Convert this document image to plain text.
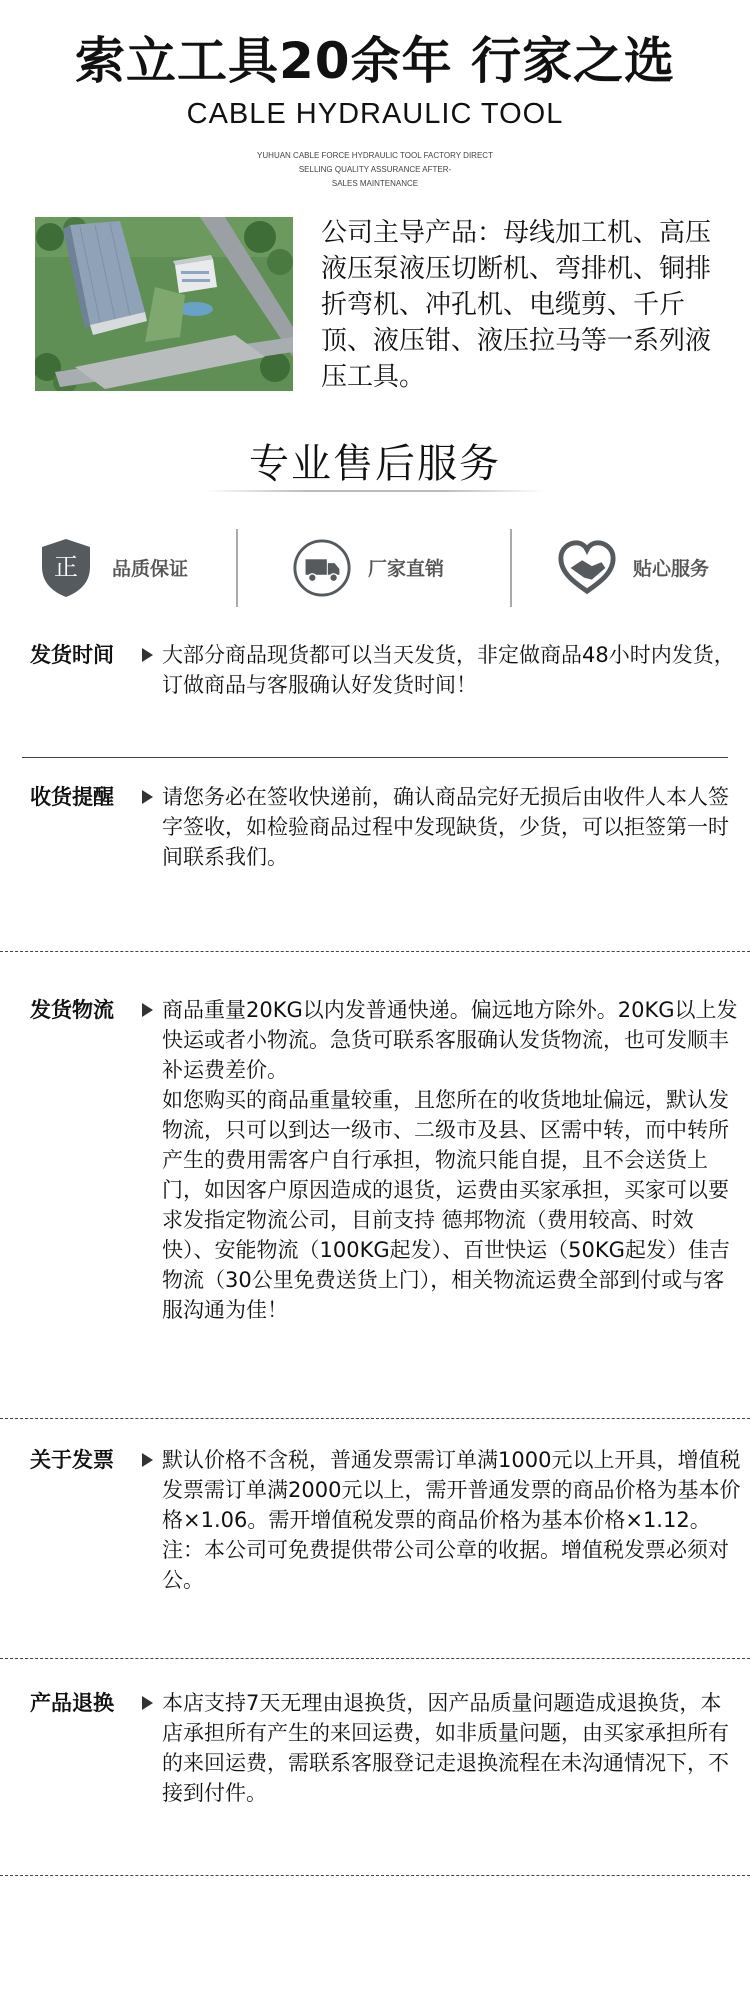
索立工具20余年 行家之选
CABLE HYDRAULIC TOOL
YUHUAN CABLE FORCE HYDRAULIC TOOL FACTORY DIRECT
SELLING QUALITY ASSURANCE AFTER-
SALES MAINTENANCE
公司主导产品：母线加工机、高压液压泵液压切断机、弯排机、铜排折弯机、冲孔机、电缆剪、千斤顶、液压钳、液压拉马等一系列液压工具。
专业售后服务
正 品质保证	厂家直销	贴心服务
发货时间 大部分商品现货都可以当天发货，非定做商品48小时内发货，订做商品与客服确认好发货时间！

收货提醒 请您务必在签收快递前，确认商品完好无损后由收件人本人签字签收，如检验商品过程中发现缺货，少货，可以拒签第一时间联系我们。

发货物流 商品重量20KG以内发普通快递。偏远地方除外。20KG以上发快运或者小物流。急货可联系客服确认发货物流，也可发顺丰补运费差价。

如您购买的商品重量较重，且您所在的收货地址偏远，默认发物流，只可以到达一级市、二级市及县、区需中转，而中转所产生的费用需客户自行承担，物流只能自提，且不会送货上门，如因客户原因造成的退货，运费由买家承担，买家可以要求发指定物流公司，目前支持 德邦物流（费用较高、时效快）、安能物流（100KG起发）、百世快运（50KG起发）佳吉物流（30公里免费送货上门），相关物流运费全部到付或与客服沟通为佳！

关于发票 默认价格不含税，普通发票需订单满1000元以上开具，增值税发票需订单满2000元以上，需开普通发票的商品价格为基本价格×1.06。需开增值税发票的商品价格为基本价格×1.12。注：本公司可免费提供带公司公章的收据。增值税发票必须对公。

产品退换 本店支持7天无理由退换货，因产品质量问题造成退换货，本店承担所有产生的来回运费，如非质量问题，由买家承担所有的来回运费，需联系客服登记走退换流程在未沟通情况下，不接到付件。
